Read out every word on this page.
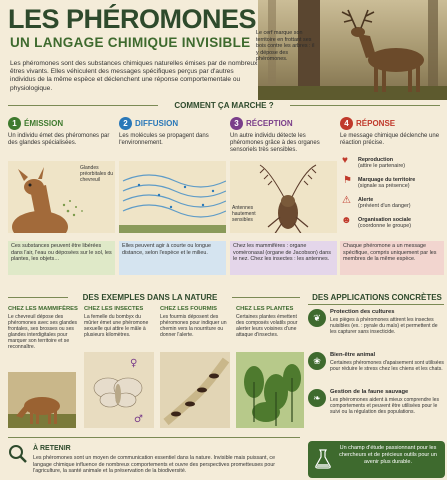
LES PHÉROMONES
UN LANGAGE CHIMIQUE INVISIBLE
Les phéromones sont des substances chimiques naturelles émises par de nombreux êtres vivants. Elles véhiculent des messages spécifiques perçus par d'autres individus de la même espèce et déclenchent une réponse comportementale ou physiologique.
Le cerf marque son territoire en frottant ses bois contre les arbres : il y dépose des phéromones.
COMMENT ÇA MARCHE ?
1 ÉMISSION
Un individu émet des phéromones par des glandes spécialisées.
Glandes préorbitales du chevreuil
Ces substances peuvent être libérées dans l'air, l'eau ou déposées sur le sol, les plantes, les objets…
2 DIFFUSION
Les molécules se propagent dans l'environnement.
Elles peuvent agir à courte ou longue distance, selon l'espèce et le milieu.
3 RÉCEPTION
Un autre individu détecte les phéromones grâce à des organes sensoriels très sensibles.
Antennes hautement sensibles
Chez les mammifères : organe voméronasal (organe de Jacobson) dans le nez. Chez les insectes : les antennes.
4 RÉPONSE
Le message chimique déclenche une réaction précise.
♥ Reproduction
(attire le partenaire)
⚑ Marquage du territoire
(signale sa présence)
⚠ Alerte
(prévient d'un danger)
☻ Organisation sociale
(coordonne le groupe)
Chaque phéromone a un message spécifique, compris uniquement par les membres de la même espèce.
DES EXEMPLES DANS LA NATURE
CHEZ LES MAMMIFÈRES
Le chevreuil dépose des phéromones avec ses glandes frontales, ses brosses ou ses glandes interdigitales pour marquer son territoire et se reconnaître.
CHEZ LES INSECTES
La femelle du bombyx du mûrier émet une phéromone sexuelle qui attire le mâle à plusieurs kilomètres.
♀
♂
CHEZ LES FOURMIS
Les fourmis déposent des phéromones pour indiquer un chemin vers la nourriture ou donner l'alerte.
CHEZ LES PLANTES
Certaines plantes émettent des composés volatils pour alerter leurs voisines d'une attaque d'insectes.
DES APPLICATIONS CONCRÈTES
❦
Protection des cultures
Les pièges à phéromones attirent les insectes nuisibles (ex. : pyrale du maïs) et permettent de les capturer sans insecticide.
❀
Bien-être animal
Certaines phéromones d'apaisement sont utilisées pour réduire le stress chez les chiens et les chats.
❧
Gestion de la faune sauvage
Les phéromones aident à mieux comprendre les comportements et peuvent être utilisées pour le suivi ou la régulation des populations.
À RETENIR
Les phéromones sont un moyen de communication essentiel dans la nature. Invisible mais puissant, ce langage chimique influence de nombreux comportements et ouvre des perspectives prometteuses pour l'agriculture, la santé animale et la préservation de la biodiversité.
Un champ d'étude passionnant pour les chercheurs et de précieux outils pour un avenir plus durable.
